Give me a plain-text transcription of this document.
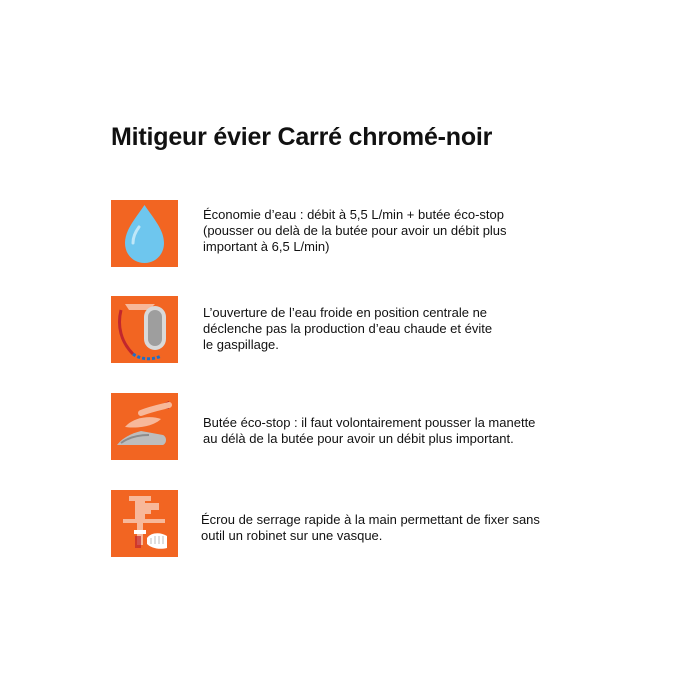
Mitigeur évier Carré chromé-noir

Économie d’eau : débit à 5,5 L/min + butée éco-stop
(pousser ou delà de la butée pour avoir un débit plus
important à 6,5 L/min)

L’ouverture de l’eau froide en position centrale ne
déclenche pas la production d’eau chaude et évite
le gaspillage.

Butée éco-stop : il faut volontairement pousser la manette
au délà de la butée pour avoir un débit plus important.

Écrou de serrage rapide à la main permettant de fixer sans
outil un robinet sur une vasque.
